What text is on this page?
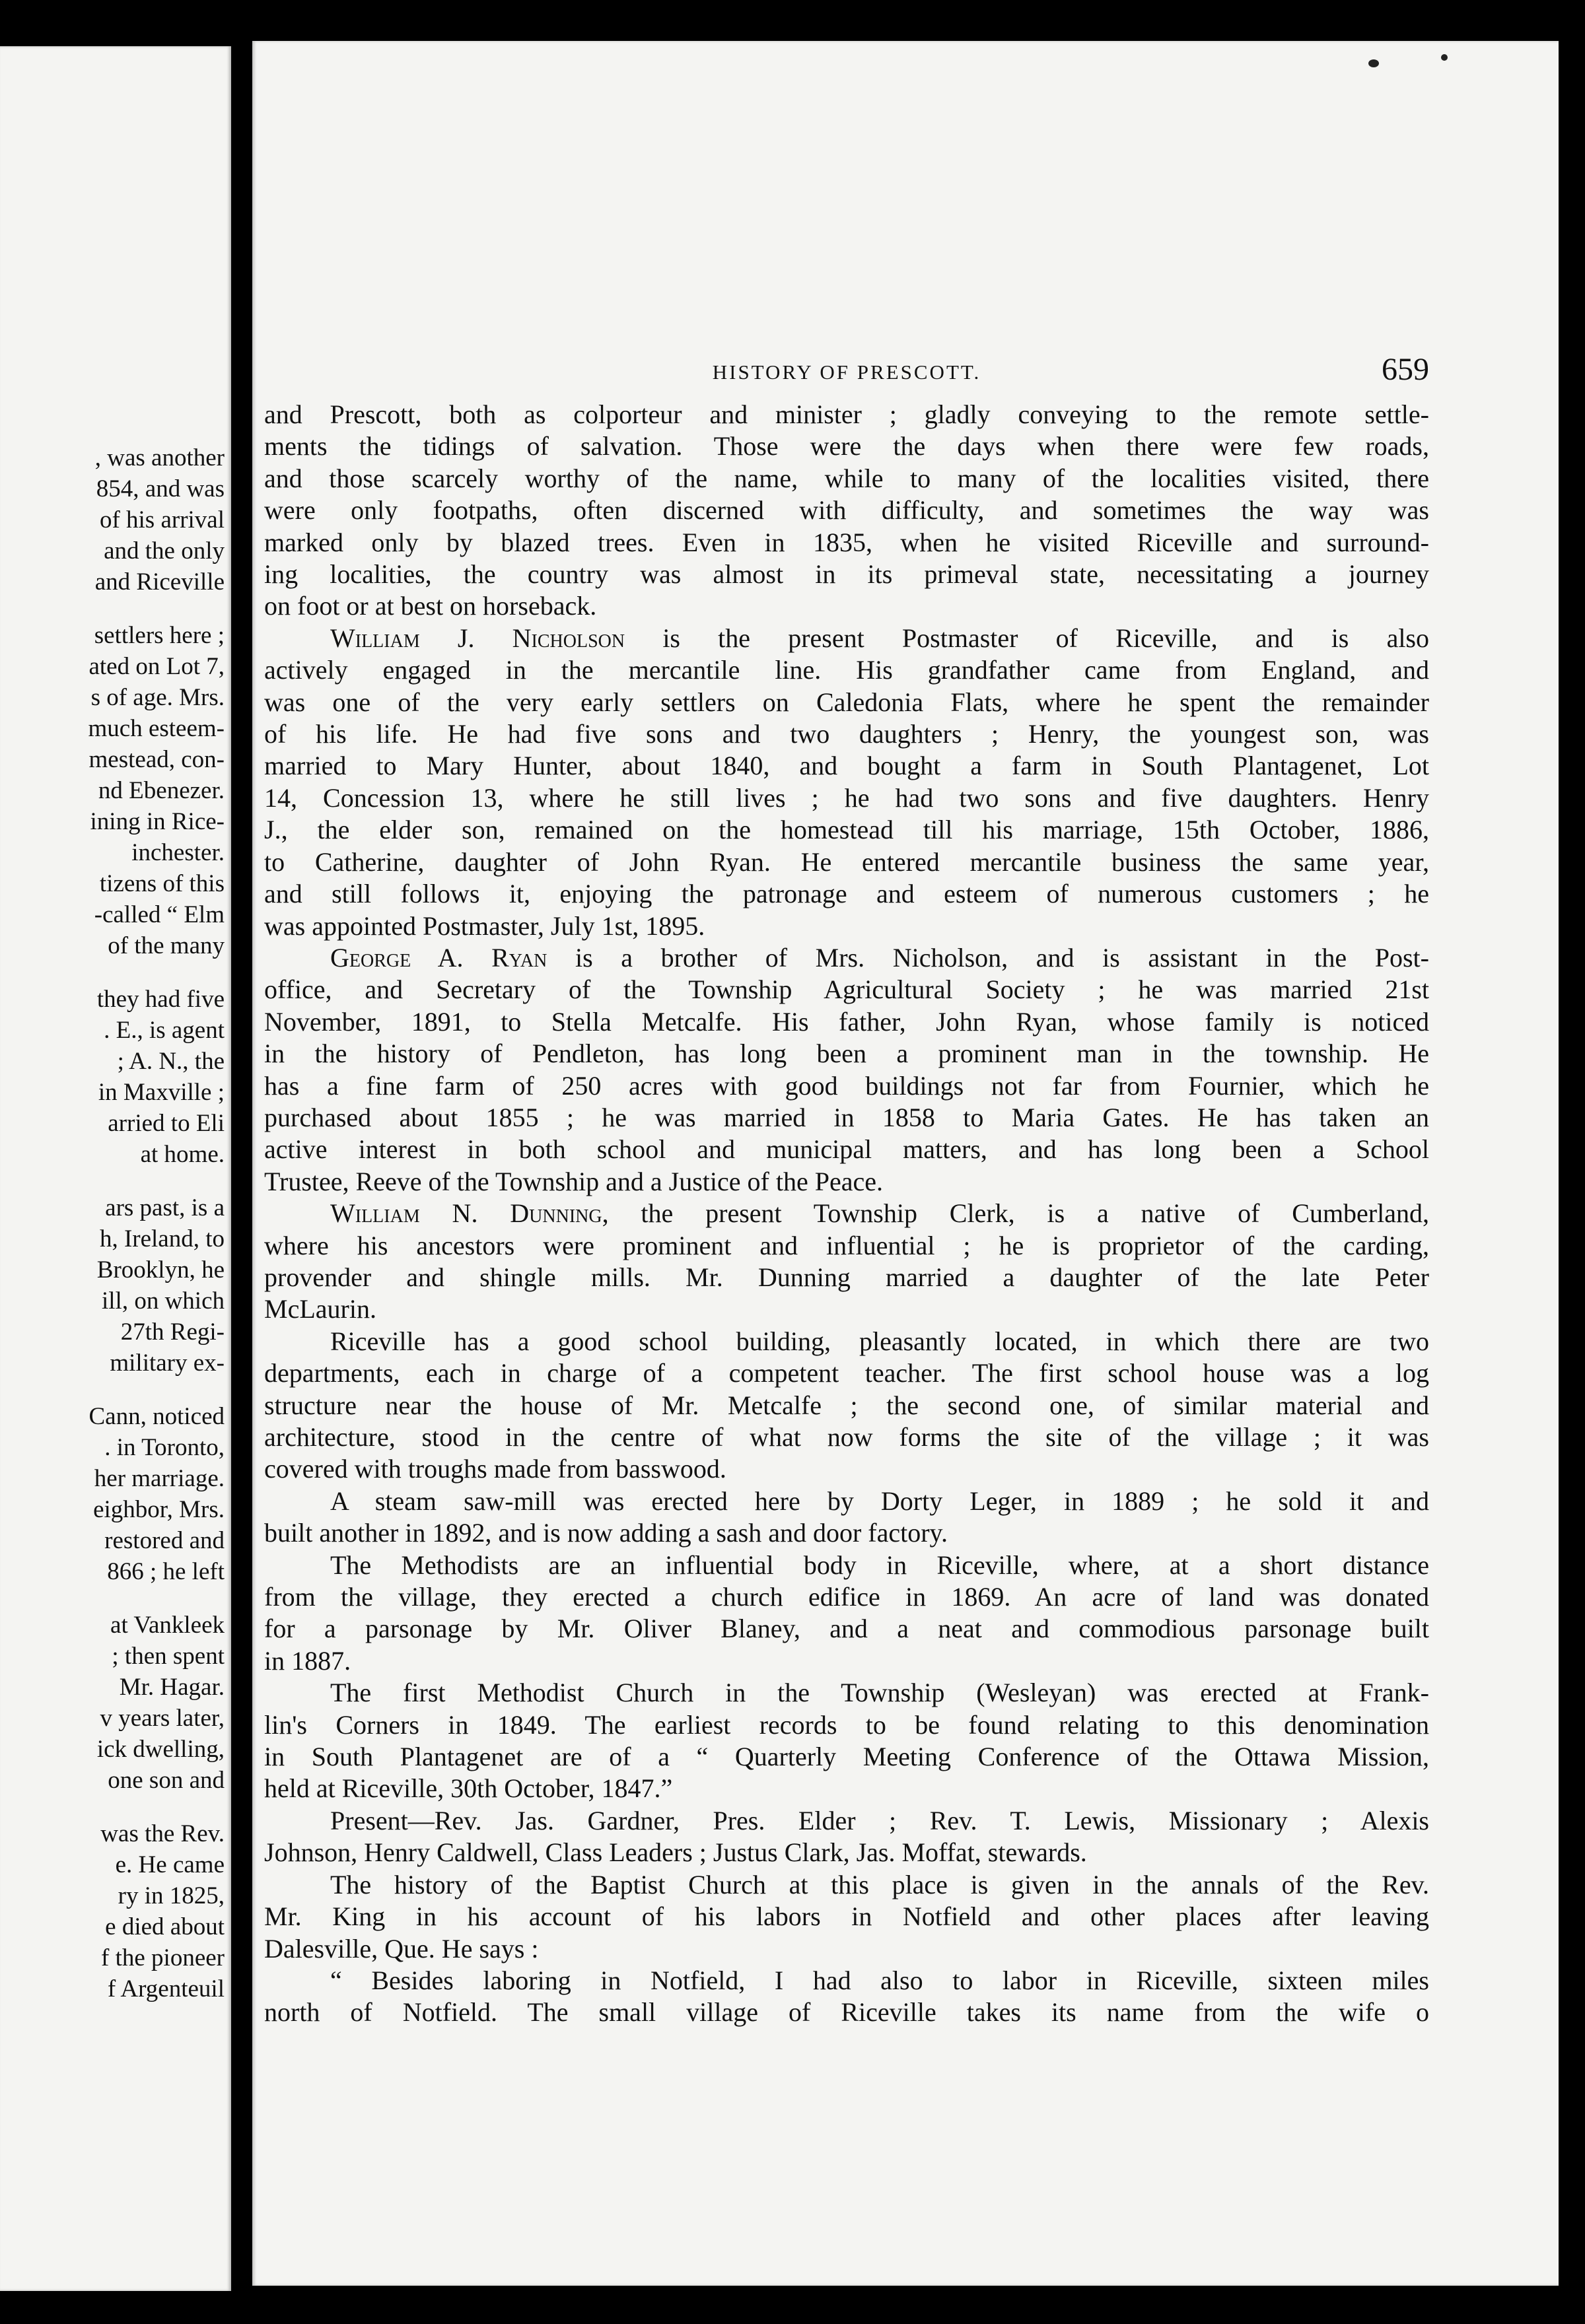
, was another
854, and was
of his arrival
and the only
and Riceville
settlers here ;
ated on Lot 7,
s of age. Mrs.
much esteem-
mestead, con-
nd Ebenezer.
ining in Rice-
inchester.
tizens of this
-called “ Elm
of the many
they had five
. E., is agent
; A. N., the
in Maxville ;
arried to Eli
at home.
ars past, is a
h, Ireland, to
Brooklyn, he
ill, on which
27th Regi-
military ex-
Cann, noticed
. in Toronto,
her marriage.
eighbor, Mrs.
restored and
866 ; he left
at Vankleek
; then spent
Mr. Hagar.
v years later,
ick dwelling,
one son and
was the Rev.
e. He came
ry in 1825,
e died about
f the pioneer
f Argenteuil
HISTORY OF PRESCOTT.	659

and Prescott, both as colporteur and minister ; gladly conveying to the remote settle-

ments the tidings of salvation. Those were the days when there were few roads,

and those scarcely worthy of the name, while to many of the localities visited, there

were only footpaths, often discerned with difficulty, and sometimes the way was

marked only by blazed trees. Even in 1835, when he visited Riceville and surround-

ing localities, the country was almost in its primeval state, necessitating a journey

on foot or at best on horseback.

William J. Nicholson is the present Postmaster of Riceville, and is also

actively engaged in the mercantile line. His grandfather came from England, and

was one of the very early settlers on Caledonia Flats, where he spent the remainder

of his life. He had five sons and two daughters ; Henry, the youngest son, was

married to Mary Hunter, about 1840, and bought a farm in South Plantagenet, Lot

14, Concession 13, where he still lives ; he had two sons and five daughters. Henry

J., the elder son, remained on the homestead till his marriage, 15th October, 1886,

to Catherine, daughter of John Ryan. He entered mercantile business the same year,

and still follows it, enjoying the patronage and esteem of numerous customers ; he

was appointed Postmaster, July 1st, 1895.

George A. Ryan is a brother of Mrs. Nicholson, and is assistant in the Post-

office, and Secretary of the Township Agricultural Society ; he was married 21st

November, 1891, to Stella Metcalfe. His father, John Ryan, whose family is noticed

in the history of Pendleton, has long been a prominent man in the township. He

has a fine farm of 250 acres with good buildings not far from Fournier, which he

purchased about 1855 ; he was married in 1858 to Maria Gates. He has taken an

active interest in both school and municipal matters, and has long been a School

Trustee, Reeve of the Township and a Justice of the Peace.

William N. Dunning, the present Township Clerk, is a native of Cumberland,

where his ancestors were prominent and influential ; he is proprietor of the carding,

provender and shingle mills. Mr. Dunning married a daughter of the late Peter

McLaurin.

Riceville has a good school building, pleasantly located, in which there are two

departments, each in charge of a competent teacher. The first school house was a log

structure near the house of Mr. Metcalfe ; the second one, of similar material and

architecture, stood in the centre of what now forms the site of the village ; it was

covered with troughs made from basswood.

A steam saw-mill was erected here by Dorty Leger, in 1889 ; he sold it and

built another in 1892, and is now adding a sash and door factory.

The Methodists are an influential body in Riceville, where, at a short distance

from the village, they erected a church edifice in 1869. An acre of land was donated

for a parsonage by Mr. Oliver Blaney, and a neat and commodious parsonage built

in 1887.

The first Methodist Church in the Township (Wesleyan) was erected at Frank-

lin's Corners in 1849. The earliest records to be found relating to this denomination

in South Plantagenet are of a “ Quarterly Meeting Conference of the Ottawa Mission,

held at Riceville, 30th October, 1847.”

Present—Rev. Jas. Gardner, Pres. Elder ; Rev. T. Lewis, Missionary ; Alexis

Johnson, Henry Caldwell, Class Leaders ; Justus Clark, Jas. Moffat, stewards.

The history of the Baptist Church at this place is given in the annals of the Rev.

Mr. King in his account of his labors in Notfield and other places after leaving

Dalesville, Que. He says :

“ Besides laboring in Notfield, I had also to labor in Riceville, sixteen miles

north of Notfield. The small village of Riceville takes its name from the wife o
